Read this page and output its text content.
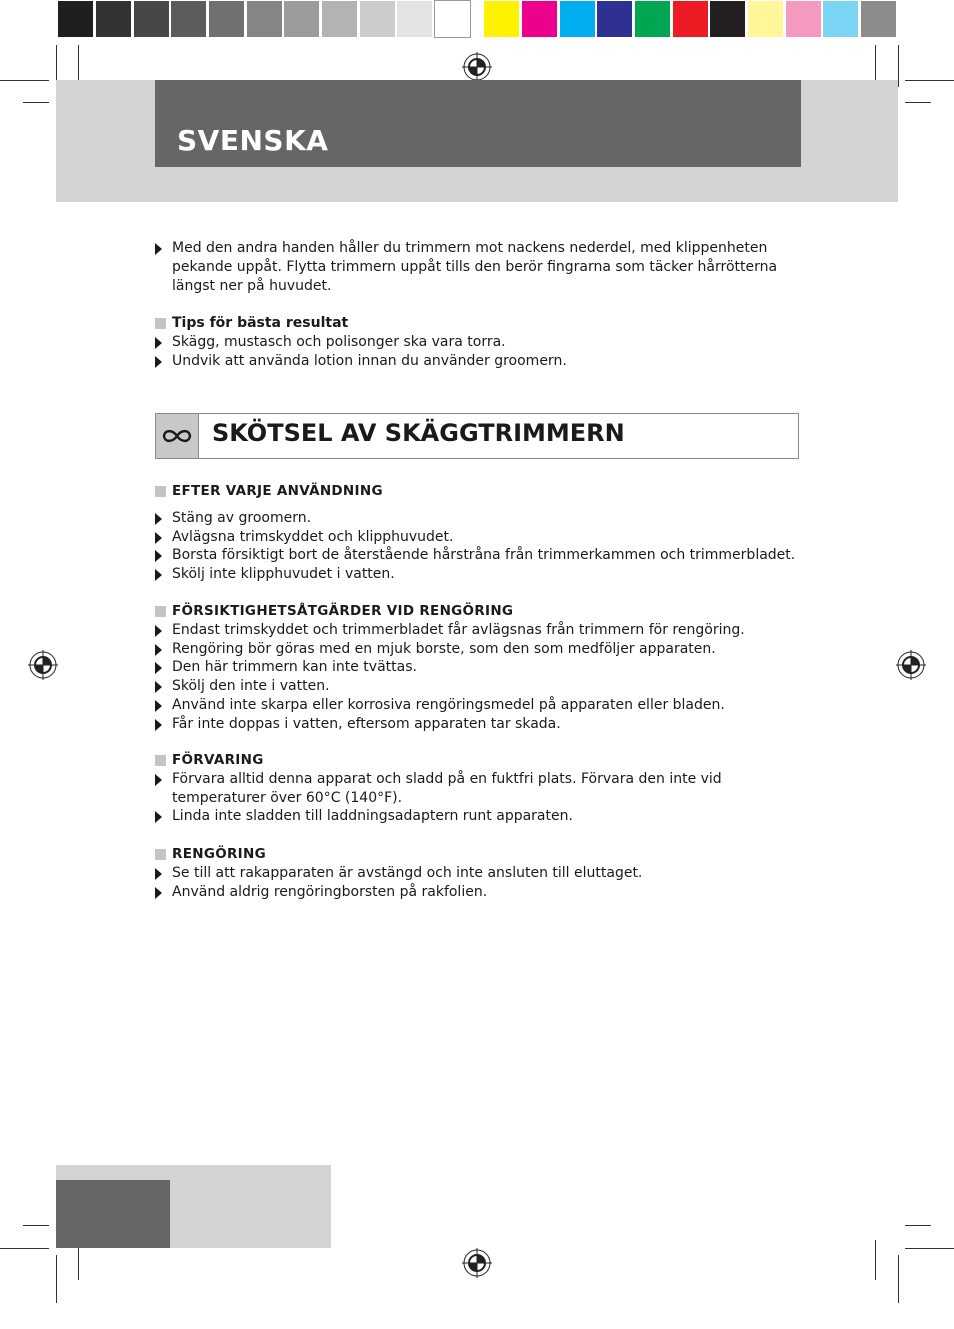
SVENSKA

Med den andra handen håller du trimmern mot nackens nederdel, med klippenheten pekande uppåt. Flytta trimmern uppåt tills den berör fingrarna som täcker hårrötterna längst ner på huvudet.

Tips för bästa resultat

Skägg, mustasch och polisonger ska vara torra.

Undvik att använda lotion innan du använder groomern.

SKÖTSEL AV SKÄGGTRIMMERN

EFTER VARJE ANVÄNDNING

Stäng av groomern.

Avlägsna trimskyddet och klipphuvudet.

Borsta försiktigt bort de återstående hårstråna från trimmerkammen och trimmerbladet.

Skölj inte klipphuvudet i vatten.

FÖRSIKTIGHETSÅTGÄRDER VID RENGÖRING

Endast trimskyddet och trimmerbladet får avlägsnas från trimmern för rengöring.

Rengöring bör göras med en mjuk borste, som den som medföljer apparaten.

Den här trimmern kan inte tvättas.

Skölj den inte i vatten.

Använd inte skarpa eller korrosiva rengöringsmedel på apparaten eller bladen.

Får inte doppas i vatten, eftersom apparaten tar skada.

FÖRVARING

Förvara alltid denna apparat och sladd på en fuktfri plats. Förvara den inte vid temperaturer över 60°C (140°F).

Linda inte sladden till laddningsadaptern runt apparaten.

RENGÖRING

Se till att rakapparaten är avstängd och inte ansluten till eluttaget.

Använd aldrig rengöringborsten på rakfolien.
